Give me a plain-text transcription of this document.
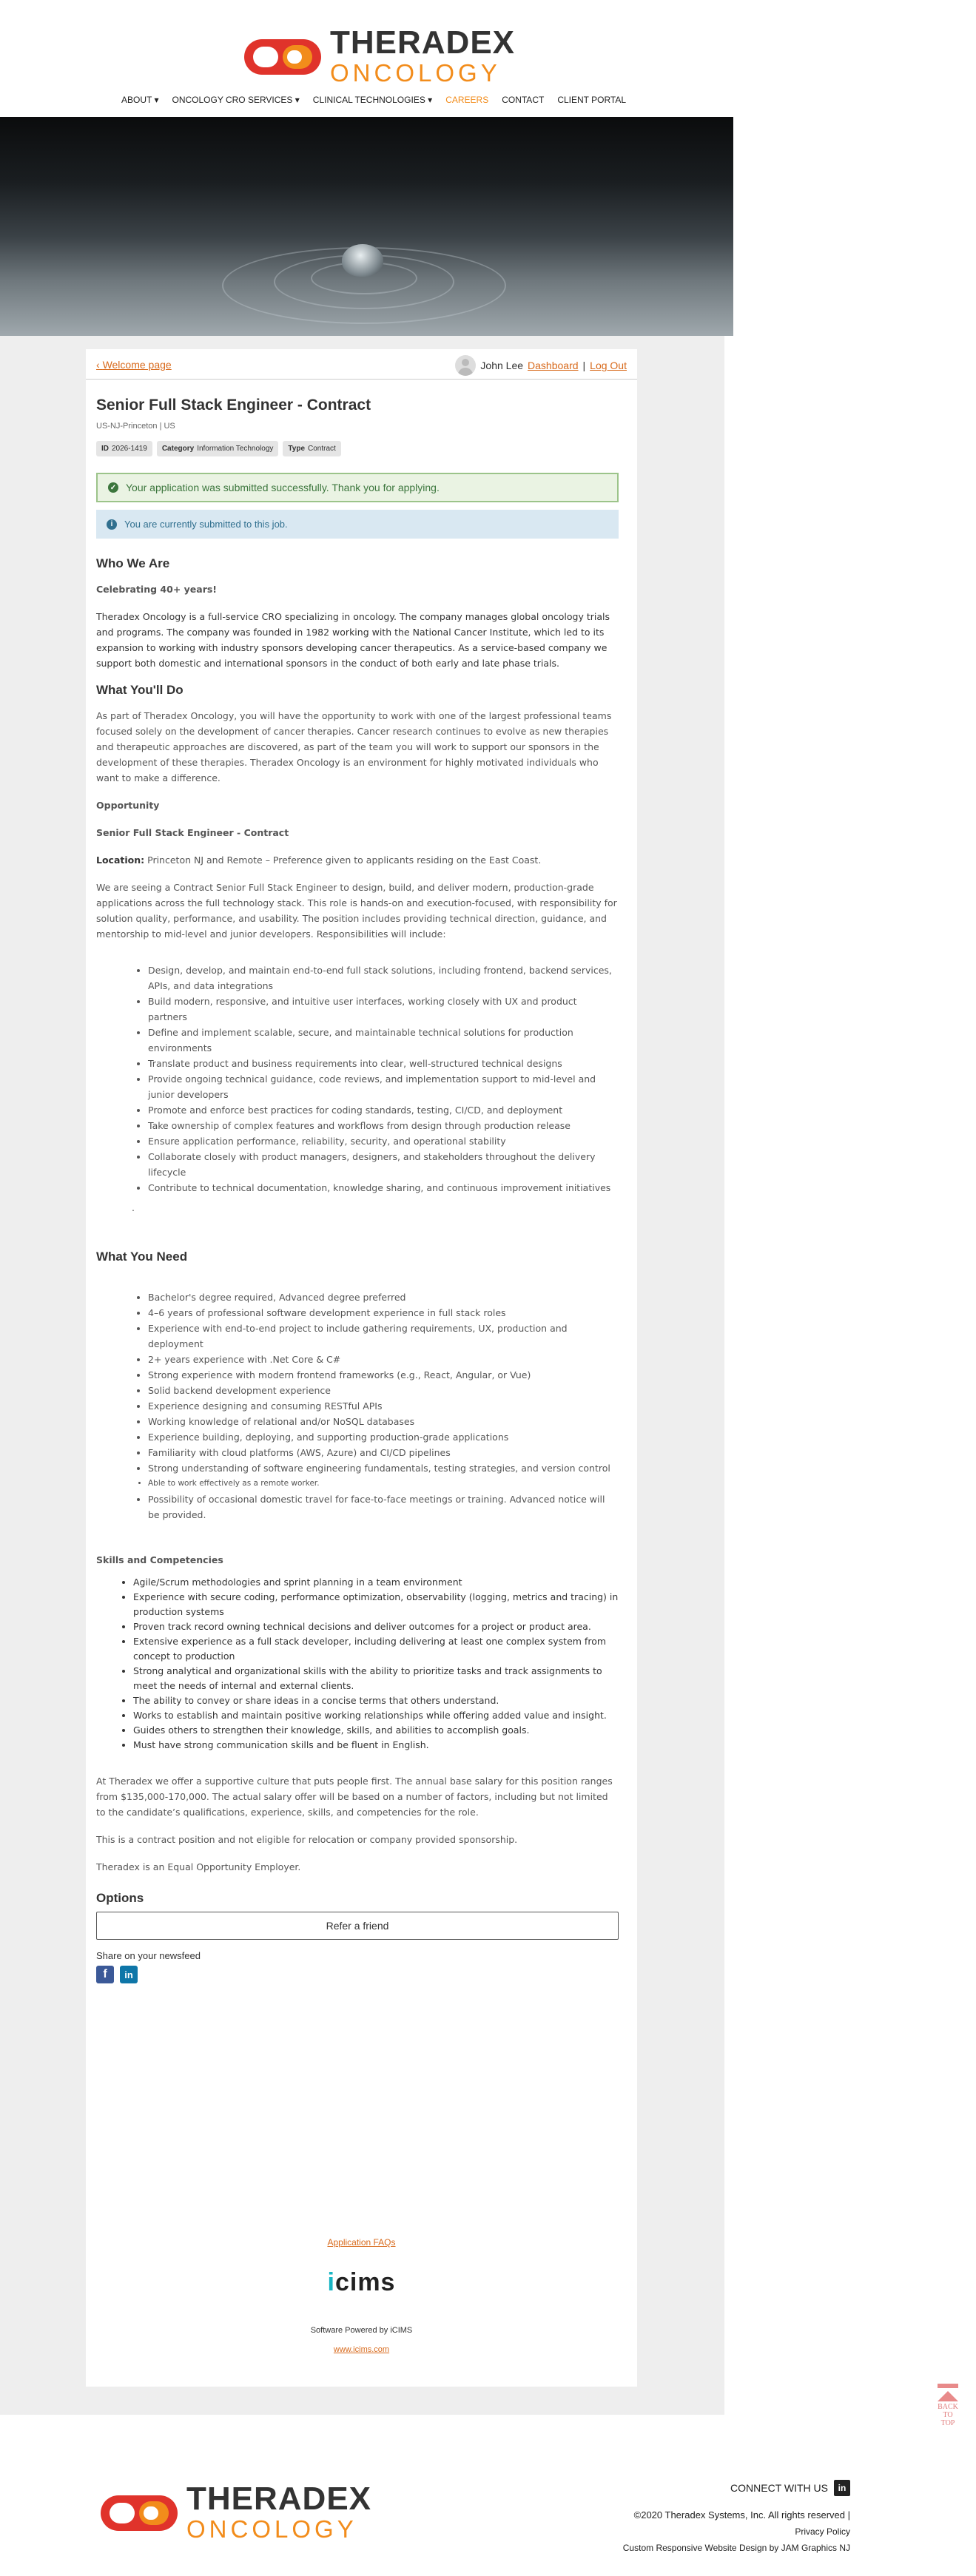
THERADEX
ONCOLOGY
ABOUT ▾ ONCOLOGY CRO SERVICES ▾ CLINICAL TECHNOLOGIES ▾ CAREERS CONTACT CLIENT PORTAL
‹ Welcome page	John Lee Dashboard | Log Out
Senior Full Stack Engineer - Contract
US-NJ-Princeton | US
ID 2026-1419	Category Information Technology	Type Contract
✓ Your application was submitted successfully. Thank you for applying.
i	You are currently submitted to this job.
Who We Are

Celebrating 40+ years!

Theradex Oncology is a full-service CRO specializing in oncology. The company manages global oncology trials and programs. The company was founded in 1982 working with the National Cancer Institute, which led to its expansion to working with industry sponsors developing cancer therapeutics. As a service-based company we support both domestic and international sponsors in the conduct of both early and late phase trials.

What You'll Do

As part of Theradex Oncology, you will have the opportunity to work with one of the largest professional teams focused solely on the development of cancer therapies. Cancer research continues to evolve as new therapies and therapeutic approaches are discovered, as part of the team you will work to support our sponsors in the development of these therapies. Theradex Oncology is an environment for highly motivated individuals who want to make a difference.

Opportunity

Senior Full Stack Engineer - Contract

Location: Princeton NJ and Remote – Preference given to applicants residing on the East Coast.

We are seeing a Contract Senior Full Stack Engineer to design, build, and deliver modern, production-grade applications across the full technology stack. This role is hands-on and execution-focused, with responsibility for solution quality, performance, and usability. The position includes providing technical direction, guidance, and mentorship to mid-level and junior developers. Responsibilities will include:

• Design, develop, and maintain end-to-end full stack solutions, including frontend, backend services, APIs, and data integrations
• Build modern, responsive, and intuitive user interfaces, working closely with UX and product partners
• Define and implement scalable, secure, and maintainable technical solutions for production environments
• Translate product and business requirements into clear, well-structured technical designs
• Provide ongoing technical guidance, code reviews, and implementation support to mid-level and junior developers
• Promote and enforce best practices for coding standards, testing, CI/CD, and deployment
• Take ownership of complex features and workflows from design through production release
• Ensure application performance, reliability, security, and operational stability
• Collaborate closely with product managers, designers, and stakeholders throughout the delivery lifecycle
• Contribute to technical documentation, knowledge sharing, and continuous improvement initiatives
.
What You Need
• Bachelor's degree required, Advanced degree preferred
• 4–6 years of professional software development experience in full stack roles
• Experience with end-to-end project to include gathering requirements, UX, production and deployment
• 2+ years experience with .Net Core & C#
• Strong experience with modern frontend frameworks (e.g., React, Angular, or Vue)
• Solid backend development experience
• Experience designing and consuming RESTful APIs
• Working knowledge of relational and/or NoSQL databases
• Experience building, deploying, and supporting production-grade applications
• Familiarity with cloud platforms (AWS, Azure) and CI/CD pipelines
• Strong understanding of software engineering fundamentals, testing strategies, and version control
• Able to work effectively as a remote worker.
• Possibility of occasional domestic travel for face-to-face meetings or training. Advanced notice will be provided.
Skills and Competencies
• Agile/Scrum methodologies and sprint planning in a team environment
• Experience with secure coding, performance optimization, observability (logging, metrics and tracing) in production systems
• Proven track record owning technical decisions and deliver outcomes for a project or product area.
• Extensive experience as a full stack developer, including delivering at least one complex system from concept to production
• Strong analytical and organizational skills with the ability to prioritize tasks and track assignments to meet the needs of internal and external clients.
• The ability to convey or share ideas in a concise terms that others understand.
• Works to establish and maintain positive working relationships while offering added value and insight.
• Guides others to strengthen their knowledge, skills, and abilities to accomplish goals.
• Must have strong communication skills and be fluent in English.

At Theradex we offer a supportive culture that puts people first. The annual base salary for this position ranges from $135,000-170,000. The actual salary offer will be based on a number of factors, including but not limited to the candidate’s qualifications, experience, skills, and competencies for the role.

This is a contract position and not eligible for relocation or company provided sponsorship.

Theradex is an Equal Opportunity Employer.

Options
Refer a friend
Share on your newsfeed
f	in
Application FAQs
icims
Software Powered by iCIMS
www.icims.com
BACK
TO
TOP
THERADEX
ONCOLOGY
CONNECT WITH US	in
©2020 Theradex Systems, Inc. All rights reserved |
Privacy Policy
Custom Responsive Website Design by JAM Graphics NJ
